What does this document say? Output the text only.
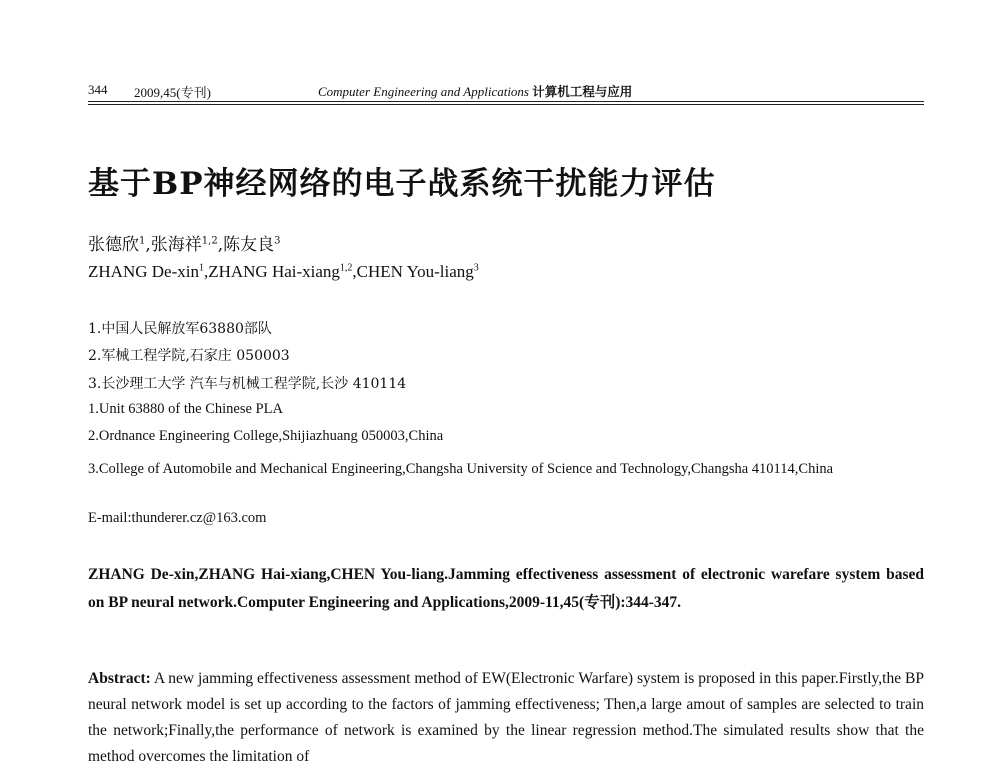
344 2009,45(专刊)	Computer Engineering and Applications 计算机工程与应用
基于BP神经网络的电子战系统干扰能力评估
张德欣$^1$,张海祥$^{1,2}$,陈友良$^3$
ZHANG De-xin$^1$,ZHANG Hai-xiang$^{1,2}$,CHEN You-liang$^3$
1.中国人民解放军63880部队
2.军械工程学院,石家庄 050003
3.长沙理工大学 汽车与机械工程学院,长沙 410114
1.Unit 63880 of the Chinese PLA
2.Ordnance Engineering College,Shijiazhuang 050003,China
3.College of Automobile and Mechanical Engineering,Changsha University of Science and Technology,Changsha 410114,China
E-mail:thunderer.cz@163.com
ZHANG De-xin,ZHANG Hai-xiang,CHEN You-liang.Jamming effectiveness assessment of electronic warefare system based on BP neural network.Computer Engineering and Applications,2009-11,45(专刊):344-347.
Abstract: A new jamming effectiveness assessment method of EW(Electronic Warfare) system is proposed in this paper.Firstly,the BP neural network model is set up according to the factors of jamming effectiveness; Then,a large amout of samples are selected to train the network;Finally,the performance of network is examined by the linear regression method.The simulated results show that the method overcomes the limitation of
